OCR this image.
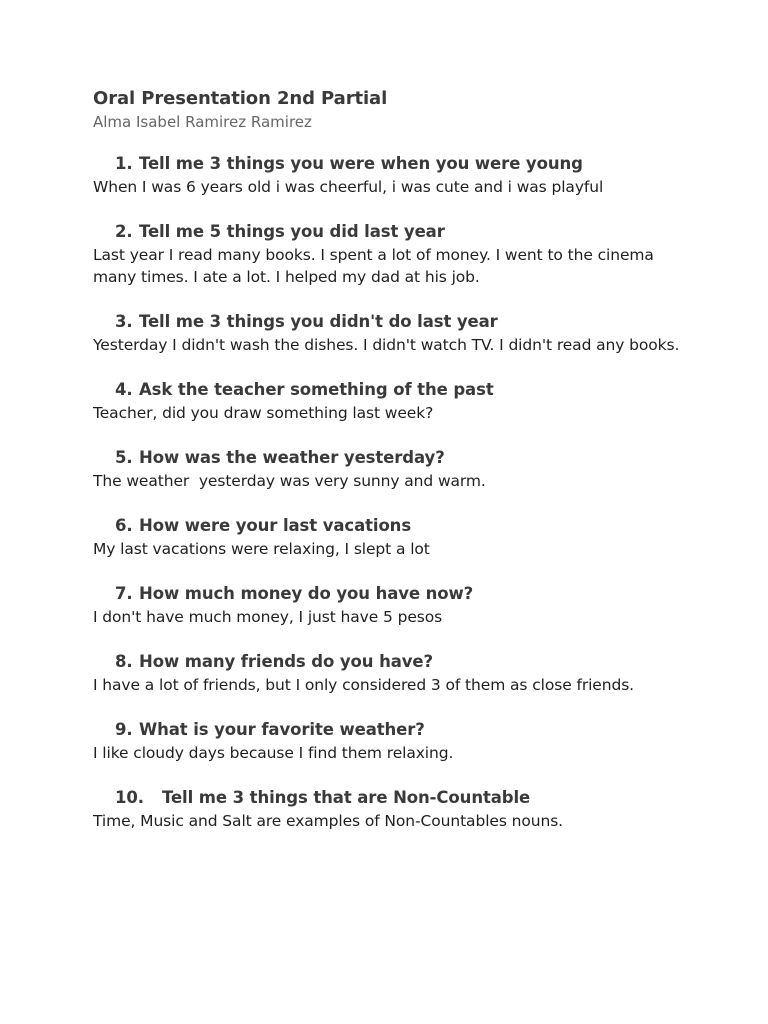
Oral Presentation 2nd Partial

Alma Isabel Ramirez Ramirez

1. Tell me 3 things you were when you were young

When I was 6 years old i was cheerful, i was cute and i was playful

2. Tell me 5 things you did last year

Last year I read many books. I spent a lot of money. I went to the cinema many times. I ate a lot. I helped my dad at his job.

3. Tell me 3 things you didn't do last year

Yesterday I didn't wash the dishes. I didn't watch TV. I didn't read any books.

4. Ask the teacher something of the past

Teacher, did you draw something last week?

5. How was the weather yesterday?

The weather  yesterday was very sunny and warm.

6. How were your last vacations

My last vacations were relaxing, I slept a lot

7. How much money do you have now?

I don't have much money, I just have 5 pesos

8. How many friends do you have?

I have a lot of friends, but I only considered 3 of them as close friends.

9. What is your favorite weather?

I like cloudy days because I find them relaxing.

10.	Tell me 3 things that are Non-Countable

Time, Music and Salt are examples of Non-Countables nouns.
